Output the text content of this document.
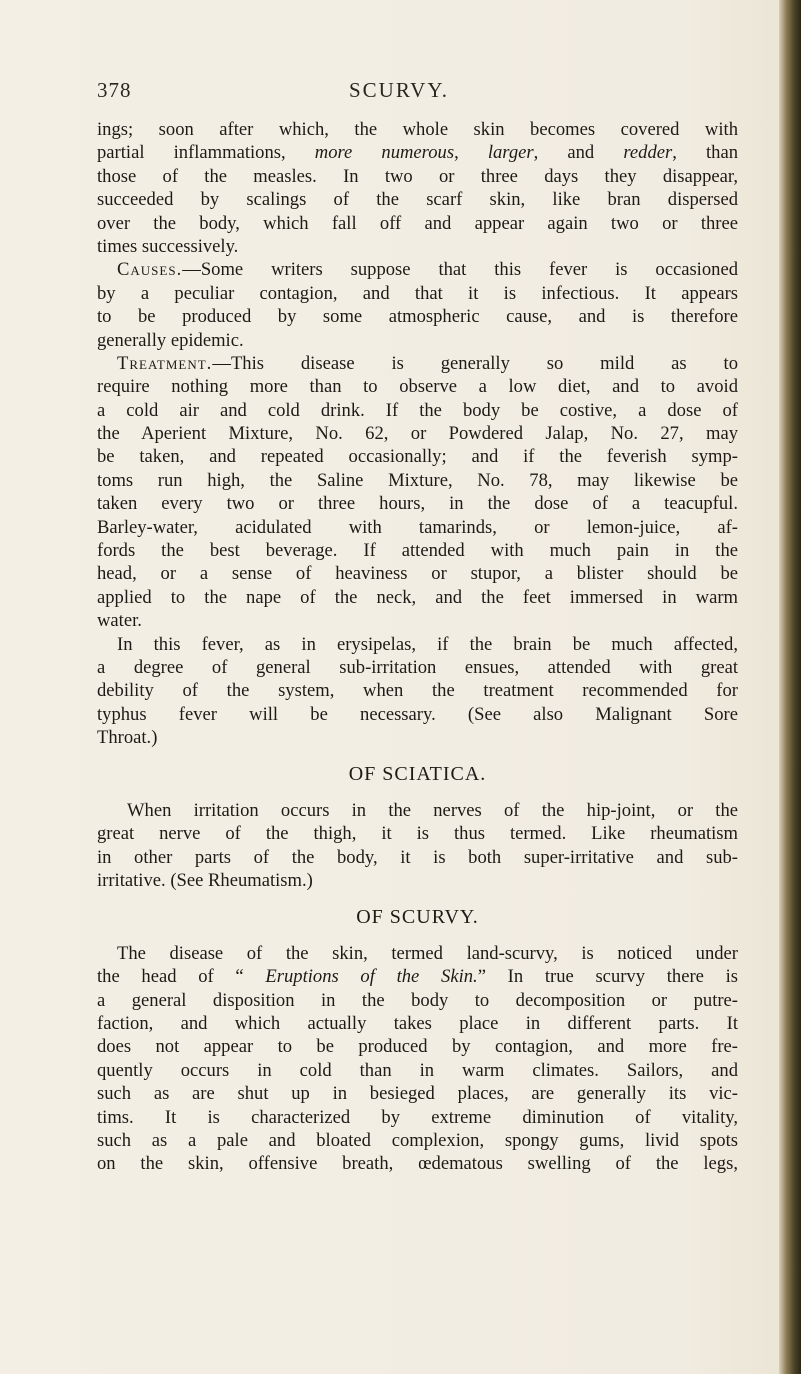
378	SCURVY.
ings; soon after which, the whole skin becomes covered with
partial inflammations, more numerous, larger, and redder, than
those of the measles. In two or three days they disappear,
succeeded by scalings of the scarf skin, like bran dispersed
over the body, which fall off and appear again two or three
times successively.
Causes.—Some writers suppose that this fever is occasioned
by a peculiar contagion, and that it is infectious. It appears
to be produced by some atmospheric cause, and is therefore
generally epidemic.
Treatment.—This disease is generally so mild as to
require nothing more than to observe a low diet, and to avoid
a cold air and cold drink. If the body be costive, a dose of
the Aperient Mixture, No. 62, or Powdered Jalap, No. 27, may
be taken, and repeated occasionally; and if the feverish symp-
toms run high, the Saline Mixture, No. 78, may likewise be
taken every two or three hours, in the dose of a teacupful.
Barley-water, acidulated with tamarinds, or lemon-juice, af-
fords the best beverage. If attended with much pain in the
head, or a sense of heaviness or stupor, a blister should be
applied to the nape of the neck, and the feet immersed in warm
water.
In this fever, as in erysipelas, if the brain be much affected,
a degree of general sub-irritation ensues, attended with great
debility of the system, when the treatment recommended for
typhus fever will be necessary. (See also Malignant Sore
Throat.)
OF SCIATICA.
When irritation occurs in the nerves of the hip-joint, or the
great nerve of the thigh, it is thus termed. Like rheumatism
in other parts of the body, it is both super-irritative and sub-
irritative. (See Rheumatism.)
OF SCURVY.
The disease of the skin, termed land-scurvy, is noticed under
the head of “ Eruptions of the Skin.” In true scurvy there is
a general disposition in the body to decomposition or putre-
faction, and which actually takes place in different parts. It
does not appear to be produced by contagion, and more fre-
quently occurs in cold than in warm climates. Sailors, and
such as are shut up in besieged places, are generally its vic-
tims. It is characterized by extreme diminution of vitality,
such as a pale and bloated complexion, spongy gums, livid spots
on the skin, offensive breath, œdematous swelling of the legs,
